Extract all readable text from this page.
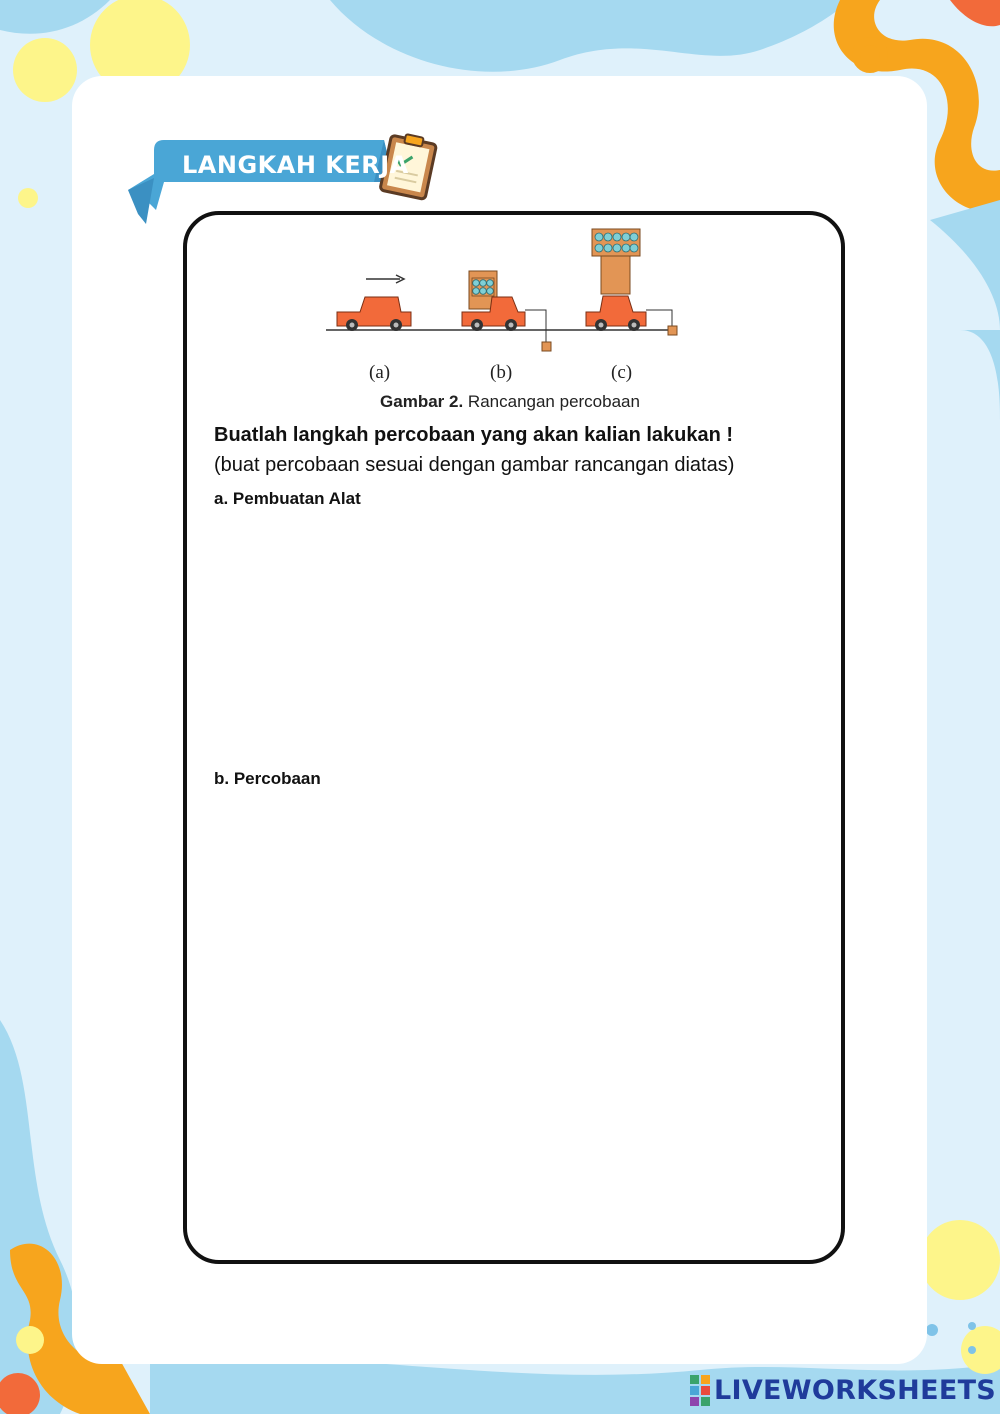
LANGKAH KERJA
(a)	(b)	(c)
Gambar 2. Rancangan percobaan
Buatlah langkah percobaan yang akan kalian lakukan !
(buat percobaan sesuai dengan gambar rancangan diatas)
a. Pembuatan Alat
b. Percobaan
LIVEWORKSHEETS
